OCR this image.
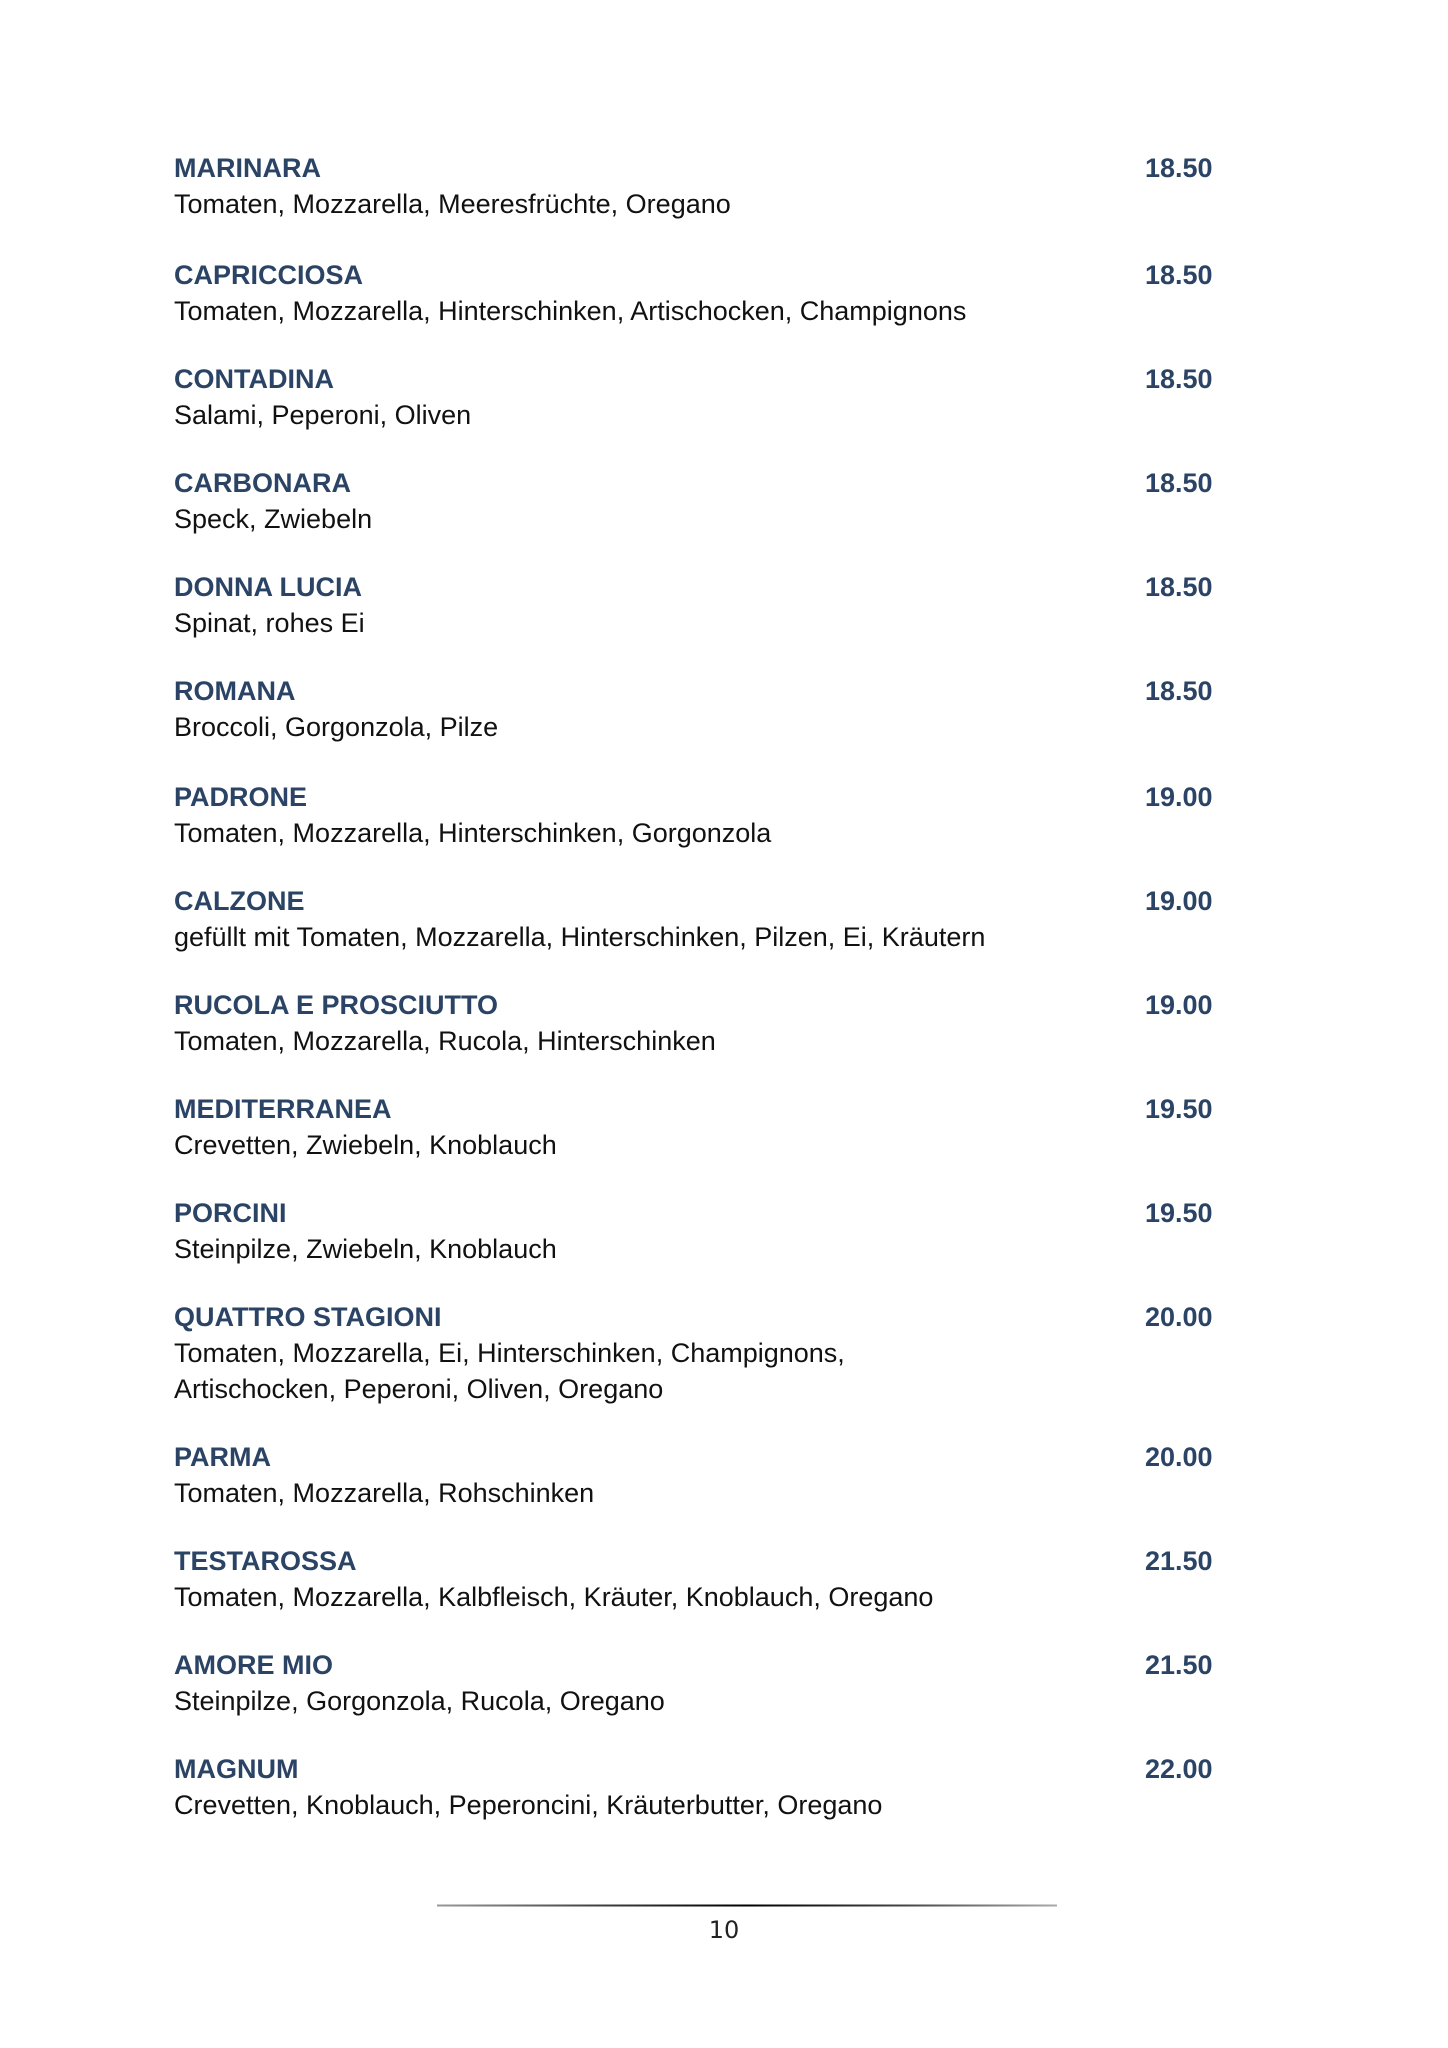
MARINARA	18.50
Tomaten, Mozzarella, Meeresfrüchte, Oregano
CAPRICCIOSA	18.50
Tomaten, Mozzarella, Hinterschinken, Artischocken, Champignons
CONTADINA	18.50
Salami, Peperoni, Oliven
CARBONARA	18.50
Speck, Zwiebeln
DONNA LUCIA	18.50
Spinat, rohes Ei
ROMANA	18.50
Broccoli, Gorgonzola, Pilze
PADRONE	19.00
Tomaten, Mozzarella, Hinterschinken, Gorgonzola
CALZONE	19.00
gefüllt mit Tomaten, Mozzarella, Hinterschinken, Pilzen, Ei, Kräutern
RUCOLA E PROSCIUTTO	19.00
Tomaten, Mozzarella, Rucola, Hinterschinken
MEDITERRANEA	19.50
Crevetten, Zwiebeln, Knoblauch
PORCINI	19.50
Steinpilze, Zwiebeln, Knoblauch
QUATTRO STAGIONI	20.00
Tomaten, Mozzarella, Ei, Hinterschinken, Champignons,
Artischocken, Peperoni, Oliven, Oregano
PARMA	20.00
Tomaten, Mozzarella, Rohschinken
TESTAROSSA	21.50
Tomaten, Mozzarella, Kalbfleisch, Kräuter, Knoblauch, Oregano
AMORE MIO	21.50
Steinpilze, Gorgonzola, Rucola, Oregano
MAGNUM	22.00
Crevetten, Knoblauch, Peperoncini, Kräuterbutter, Oregano
10
